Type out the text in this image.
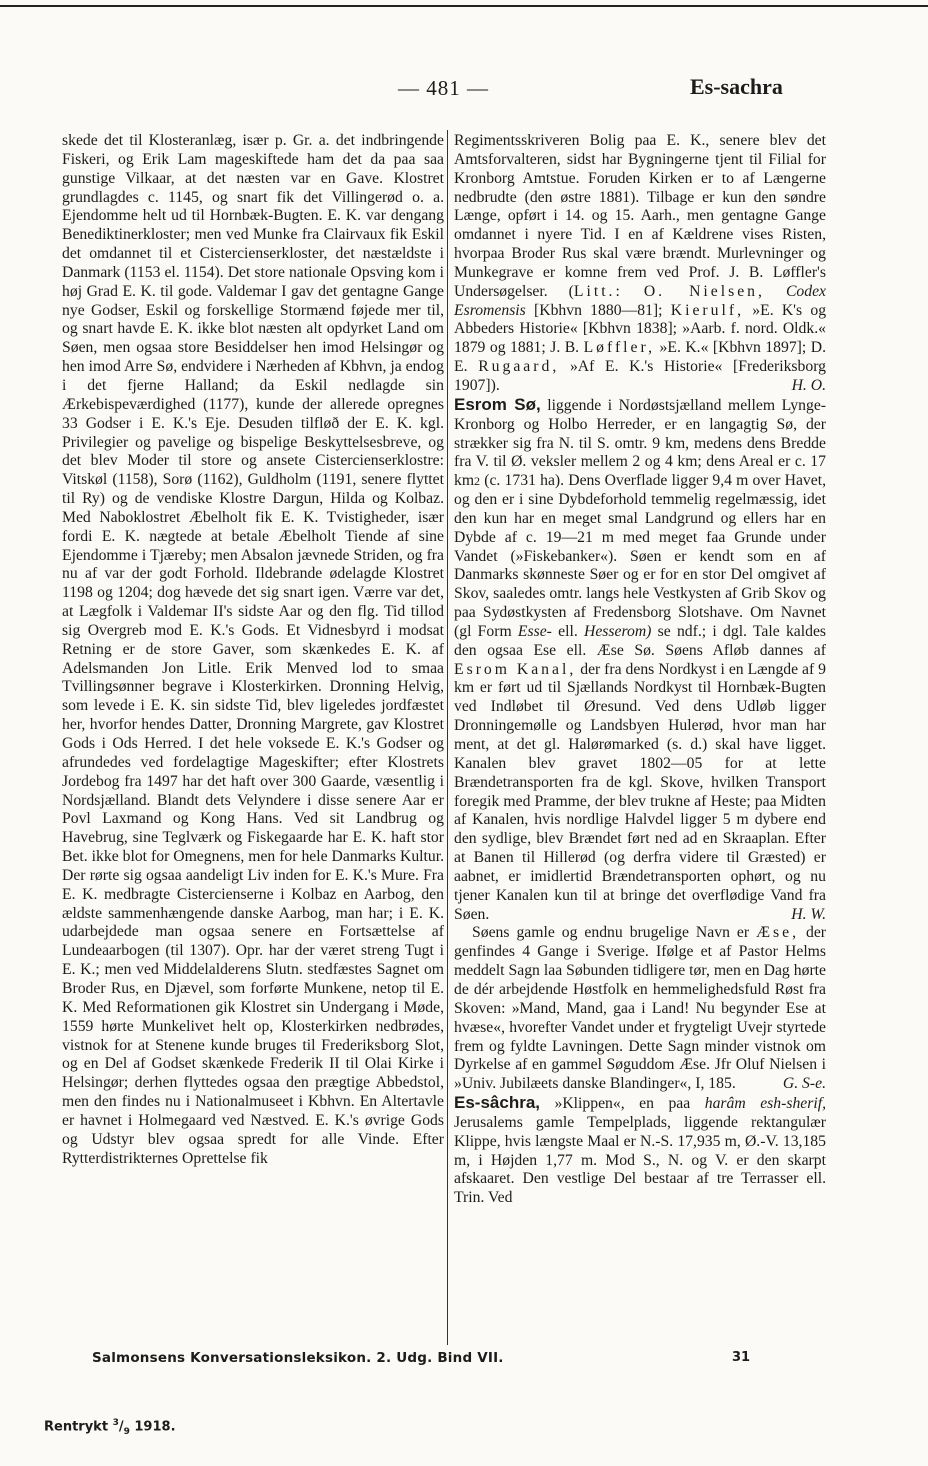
— 481 —	Es-sachra

skede det til Klosteranlæg, især p. Gr. a. det indbringende Fiskeri, og Erik Lam mageskiftede ham det da paa saa gunstige Vilkaar, at det næsten var en Gave. Klostret grundlagdes c. 1145, og snart fik det Villingerød o. a. Ejendomme helt ud til Hornbæk-Bugten. E. K. var dengang Benediktinerkloster; men ved Munke fra Clairvaux fik Eskil det omdannet til et Cistercienserkloster, det næstældste i Danmark (1153 el. 1154). Det store nationale Opsving kom i høj Grad E. K. til gode. Valdemar I gav det gentagne Gange nye Godser, Eskil og forskellige Stormænd føjede mer til, og snart havde E. K. ikke blot næsten alt opdyrket Land om Søen, men ogsaa store Besiddelser hen imod Helsingør og hen imod Arre Sø, endvidere i Nærheden af Kbhvn, ja endog i det fjerne Halland; da Eskil nedlagde sin Ærkebispeværdighed (1177), kunde der allerede opregnes 33 Godser i E. K.'s Eje. Desuden tilfløð der E. K. kgl. Privilegier og pavelige og bispelige Beskyttelsesbreve, og det blev Moder til store og ansete Cistercienserklostre: Vitskøl (1158), Sorø (1162), Guldholm (1191, senere flyttet til Ry) og de vendiske Klostre Dargun, Hilda og Kolbaz. Med Naboklostret Æbelholt fik E. K. Tvistigheder, især fordi E. K. nægtede at betale Æbelholt Tiende af sine Ejendomme i Tjæreby; men Absalon jævnede Striden, og fra nu af var der godt Forhold. Ildebrande ødelagde Klostret 1198 og 1204; dog hævede det sig snart igen. Værre var det, at Lægfolk i Valdemar II's sidste Aar og den flg. Tid tillod sig Overgreb mod E. K.'s Gods. Et Vidnesbyrd i modsat Retning er de store Gaver, som skænkedes E. K. af Adelsmanden Jon Litle. Erik Menved lod to smaa Tvillingsønner begrave i Klosterkirken. Dronning Helvig, som levede i E. K. sin sidste Tid, blev ligeledes jordfæstet her, hvorfor hendes Datter, Dronning Margrete, gav Klostret Gods i Ods Herred. I det hele voksede E. K.'s Godser og afrundedes ved fordelagtige Mageskifter; efter Klostrets Jordebog fra 1497 har det haft over 300 Gaarde, væsentlig i Nordsjælland. Blandt dets Velyndere i disse senere Aar er Povl Laxmand og Kong Hans. Ved sit Landbrug og Havebrug, sine Teglværk og Fiskegaarde har E. K. haft stor Bet. ikke blot for Omegnens, men for hele Danmarks Kultur. Der rørte sig ogsaa aandeligt Liv inden for E. K.'s Mure. Fra E. K. medbragte Cistercienserne i Kolbaz en Aarbog, den ældste sammenhængende danske Aarbog, man har; i E. K. udarbejdede man ogsaa senere en Fortsættelse af Lundeaarbogen (til 1307). Opr. har der været streng Tugt i E. K.; men ved Middelalderens Slutn. stedfæstes Sagnet om Broder Rus, en Djævel, som forførte Munkene, netop til E. K. Med Reformationen gik Klostret sin Undergang i Møde, 1559 hørte Munkelivet helt op, Klosterkirken nedbrødes, vistnok for at Stenene kunde bruges til Frederiksborg Slot, og en Del af Godset skænkede Frederik II til Olai Kirke i Helsingør; derhen flyttedes ogsaa den prægtige Abbedstol, men den findes nu i Nationalmuseet i Kbhvn. En Altertavle er havnet i Holmegaard ved Næstved. E. K.'s øvrige Gods og Udstyr blev ogsaa spredt for alle Vinde. Efter Rytterdistrikternes Oprettelse fik

Regimentsskriveren Bolig paa E. K., senere blev det Amtsforvalteren, sidst har Bygningerne tjent til Filial for Kronborg Amtstue. Foruden Kirken er to af Længerne nedbrudte (den østre 1881). Tilbage er kun den søndre Længe, opført i 14. og 15. Aarh., men gentagne Gange omdannet i nyere Tid. I en af Kældrene vises Risten, hvorpaa Broder Rus skal være brændt. Murlevninger og Munkegrave er komne frem ved Prof. J. B. Løffler's Undersøgelser. (Litt.: O. Nielsen, Codex Esromensis [Kbhvn 1880—81]; Kierulf, »E. K's og Abbeders Historie« [Kbhvn 1838]; »Aarb. f. nord. Oldk.« 1879 og 1881; J. B. Løffler, »E. K.« [Kbhvn 1897]; D. E. Rugaard, »Af E. K.'s Historie« [Frederiksborg 1907]).	H. O.

Esrom Sø, liggende i Nordøstsjælland mellem Lynge-Kronborg og Holbo Herreder, er en langagtig Sø, der strækker sig fra N. til S. omtr. 9 km, medens dens Bredde fra V. til Ø. veksler mellem 2 og 4 km; dens Areal er c. 17 km2 (c. 1731 ha). Dens Overflade ligger 9,4 m over Havet, og den er i sine Dybdeforhold temmelig regelmæssig, idet den kun har en meget smal Landgrund og ellers har en Dybde af c. 19—21 m med meget faa Grunde under Vandet (»Fiskebanker«). Søen er kendt som en af Danmarks skønneste Søer og er for en stor Del omgivet af Skov, saaledes omtr. langs hele Vestkysten af Grib Skov og paa Sydøstkysten af Fredensborg Slotshave. Om Navnet (gl Form Esse- ell. Hesserom) se ndf.; i dgl. Tale kaldes den ogsaa Ese ell. Æse Sø. Søens Afløb dannes af Esrom Kanal, der fra dens Nordkyst i en Længde af 9 km er ført ud til Sjællands Nordkyst til Hornbæk-Bugten ved Indløbet til Øresund. Ved dens Udløb ligger Dronningemølle og Landsbyen Hulerød, hvor man har ment, at det gl. Halørømarked (s. d.) skal have ligget. Kanalen blev gravet 1802—05 for at lette Brændetransporten fra de kgl. Skove, hvilken Transport foregik med Pramme, der blev trukne af Heste; paa Midten af Kanalen, hvis nordlige Halvdel ligger 5 m dybere end den sydlige, blev Brændet ført ned ad en Skraaplan. Efter at Banen til Hillerød (og derfra videre til Græsted) er aabnet, er imidlertid Brændetransporten ophørt, og nu tjener Kanalen kun til at bringe det overflødige Vand fra Søen.	H. W.

Søens gamle og endnu brugelige Navn er Æse, der genfindes 4 Gange i Sverige. Ifølge et af Pastor Helms meddelt Sagn laa Søbunden tidligere tør, men en Dag hørte de dér arbejdende Høstfolk en hemmelighedsfuld Røst fra Skoven: »Mand, Mand, gaa i Land! Nu begynder Ese at hvæse«, hvorefter Vandet under et frygteligt Uvejr styrtede frem og fyldte Lavningen. Dette Sagn minder vistnok om Dyrkelse af en gammel Søguddom Æse. Jfr Oluf Nielsen i »Univ. Jubilæets danske Blandinger«, I, 185.	G. S-e.

Es-sâchra, »Klippen«, en paa harâm esh-sherif, Jerusalems gamle Tempelplads, liggende rektangulær Klippe, hvis længste Maal er N.-S. 17,935 m, Ø.-V. 13,185 m, i Højden 1,77 m. Mod S., N. og V. er den skarpt afskaaret. Den vestlige Del bestaar af tre Terrasser ell. Trin. Ved

Salmonsens Konversationsleksikon. 2. Udg. Bind VII.	31
Rentrykt $^3/_9$ 1918.
